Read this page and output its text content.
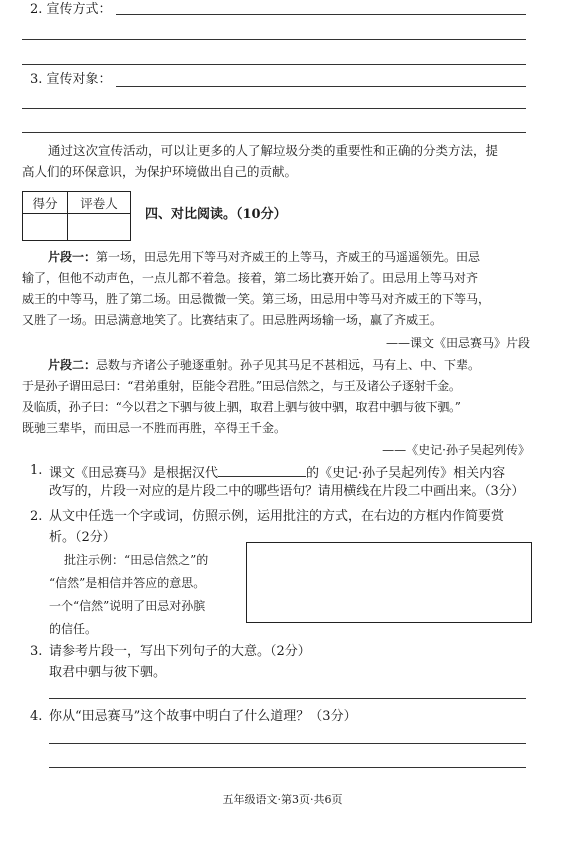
2. 宣传方式：
3. 宣传对象：
通过这次宣传活动，可以让更多的人了解垃圾分类的重要性和正确的分类方法，提
高人们的环保意识，为保护环境做出自己的贡献。
得分	评卷人

四、对比阅读。（10分）
片段一：第一场，田忌先用下等马对齐威王的上等马，齐威王的马遥遥领先。田忌
输了，但他不动声色，一点儿都不着急。接着，第二场比赛开始了。田忌用上等马对齐
威王的中等马，胜了第二场。田忌微微一笑。第三场，田忌用中等马对齐威王的下等马，
又胜了一场。田忌满意地笑了。比赛结束了。田忌胜两场输一场，赢了齐威王。
——课文《田忌赛马》片段
片段二：忌数与齐诸公子驰逐重射。孙子见其马足不甚相远，马有上、中、下辈。
于是孙子谓田忌曰：“君弟重射，臣能令君胜。”田忌信然之，与王及诸公子逐射千金。
及临质，孙子曰：“今以君之下驷与彼上驷，取君上驷与彼中驷，取君中驷与彼下驷。”
既驰三辈毕，而田忌一不胜而再胜，卒得王千金。
——《史记·孙子吴起列传》
1. 课文《田忌赛马》是根据汉代	的《史记·孙子吴起列传》相关内容
改写的，片段一对应的是片段二中的哪些语句？请用横线在片段二中画出来。（3分）
2. 从文中任选一个字或词，仿照示例，运用批注的方式，在右边的方框内作简要赏
析。（2分）
批注示例：“田忌信然之”的
“信然”是相信并答应的意思。
一个“信然”说明了田忌对孙膑
的信任。
3. 请参考片段一，写出下列句子的大意。（2分）
取君中驷与彼下驷。
4. 你从“田忌赛马”这个故事中明白了什么道理？（3分）
五年级语文·第3页·共6页
